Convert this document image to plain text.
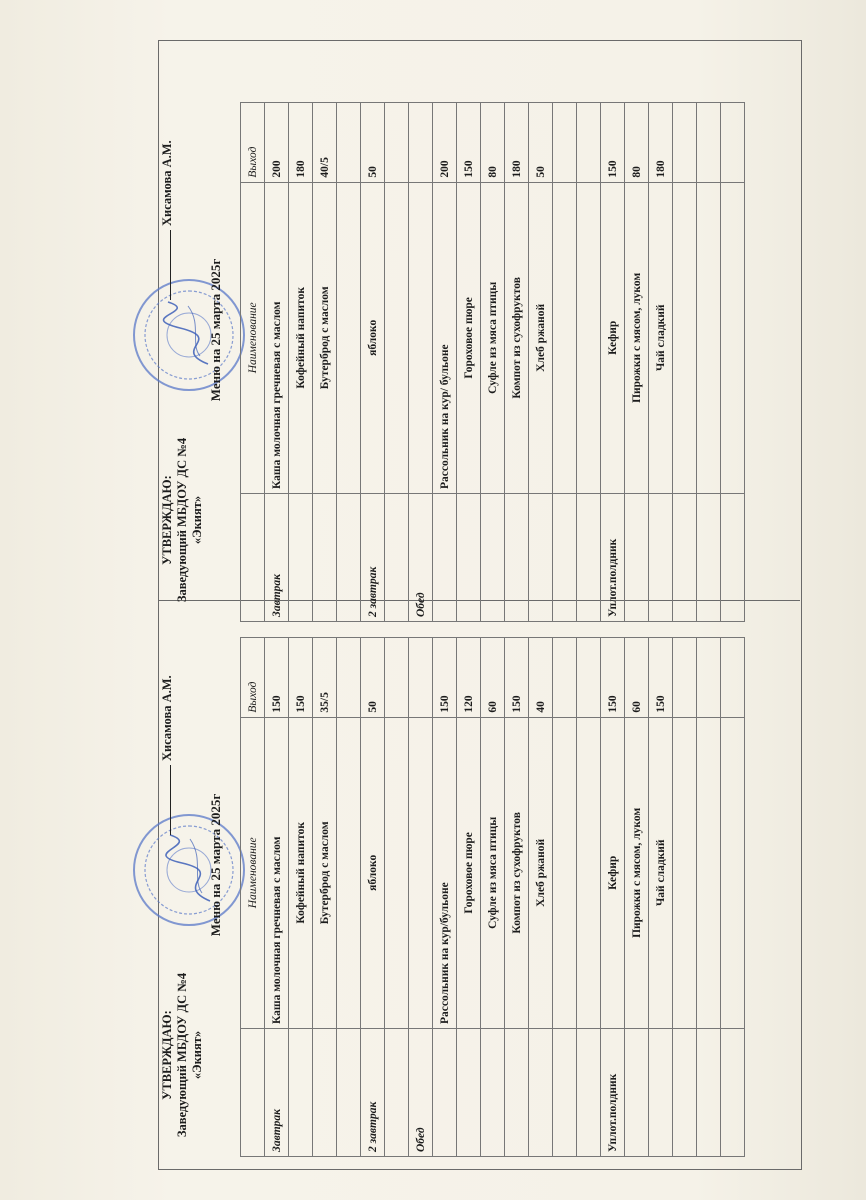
УТВЕРЖДАЮ: Заведующий МБДОУ ДС №4 «Экият»
Хисамова А.М.
Меню на 25 марта 2025г
	Наименование	Выход
Завтрак	Каша молочная гречневая с маслом	200
	Кофейный напиток	180
	Бутерброд с маслом	40/5

2 завтрак	яблоко	50

Обед		
	Рассольник на кур/ бульоне	200
	Гороховое пюре	150
	Суфле из мяса птицы	80
	Компот из сухофруктов	180
	Хлеб ржаной	50

Уплот.полдник	Кефир	150
	Пирожки с мясом, луком	80
	Чай сладкий	180

УТВЕРЖДАЮ: Заведующий МБДОУ ДС №4 «Экият»
Хисамова А.М.
Меню на 25 марта 2025г
	Наименование	Выход
Завтрак	Каша молочная гречневая с маслом	150
	Кофейный напиток	150
	Бутерброд с маслом	35/5

2 завтрак	яблоко	50

Обед		
	Рассольник на кур/бульоне	150
	Гороховое пюре	120
	Суфле из мяса птицы	60
	Компот из сухофруктов	150
	Хлеб ржаной	40

Уплот.полдник	Кефир	150
	Пирожки с мясом, луком	60
	Чай сладкий	150
